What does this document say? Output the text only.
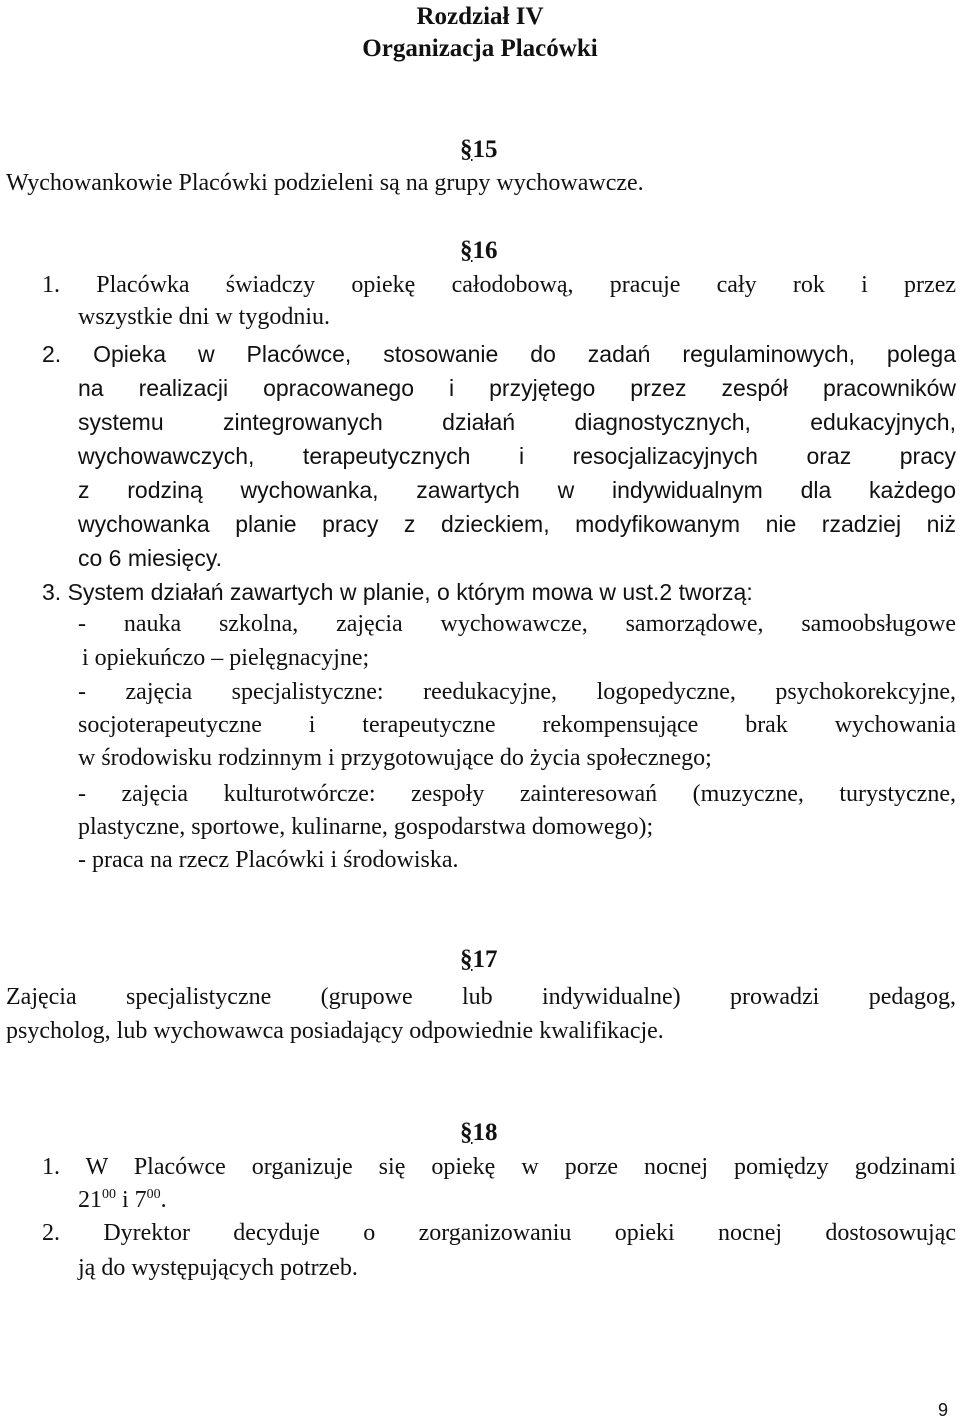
Rozdział IV
Organizacja Placówki
§15
Wychowankowie Placówki podzieleni są na grupy wychowawcze.
§16
1. Placówka świadczy opiekę całodobową, pracuje cały rok i przez
wszystkie dni w tygodniu.
2. Opieka w Placówce, stosowanie do zadań regulaminowych, polega
na realizacji opracowanego i przyjętego przez zespół pracowników
systemu zintegrowanych działań diagnostycznych, edukacyjnych,
wychowawczych, terapeutycznych i resocjalizacyjnych oraz pracy
z rodziną wychowanka, zawartych w indywidualnym dla każdego
wychowanka planie pracy z dzieckiem, modyfikowanym nie rzadziej niż
co 6 miesięcy.
3. System działań zawartych w planie, o którym mowa w ust.2 tworzą:
- nauka szkolna, zajęcia wychowawcze, samorządowe, samoobsługowe
i opiekuńczo – pielęgnacyjne;
- zajęcia specjalistyczne: reedukacyjne, logopedyczne, psychokorekcyjne,
socjoterapeutyczne i terapeutyczne rekompensujące brak wychowania
w środowisku rodzinnym i przygotowujące do życia społecznego;
- zajęcia kulturotwórcze: zespoły zainteresowań (muzyczne, turystyczne,
plastyczne, sportowe, kulinarne, gospodarstwa domowego);
- praca na rzecz Placówki i środowiska.
§17
Zajęcia specjalistyczne (grupowe lub indywidualne) prowadzi pedagog,
psycholog, lub wychowawca posiadający odpowiednie kwalifikacje.
§18
1. W Placówce organizuje się opiekę w porze nocnej pomiędzy godzinami
$21^{00}$ i $7^{00}$.
2. Dyrektor decyduje o zorganizowaniu opieki nocnej dostosowując
ją do występujących potrzeb.
9
